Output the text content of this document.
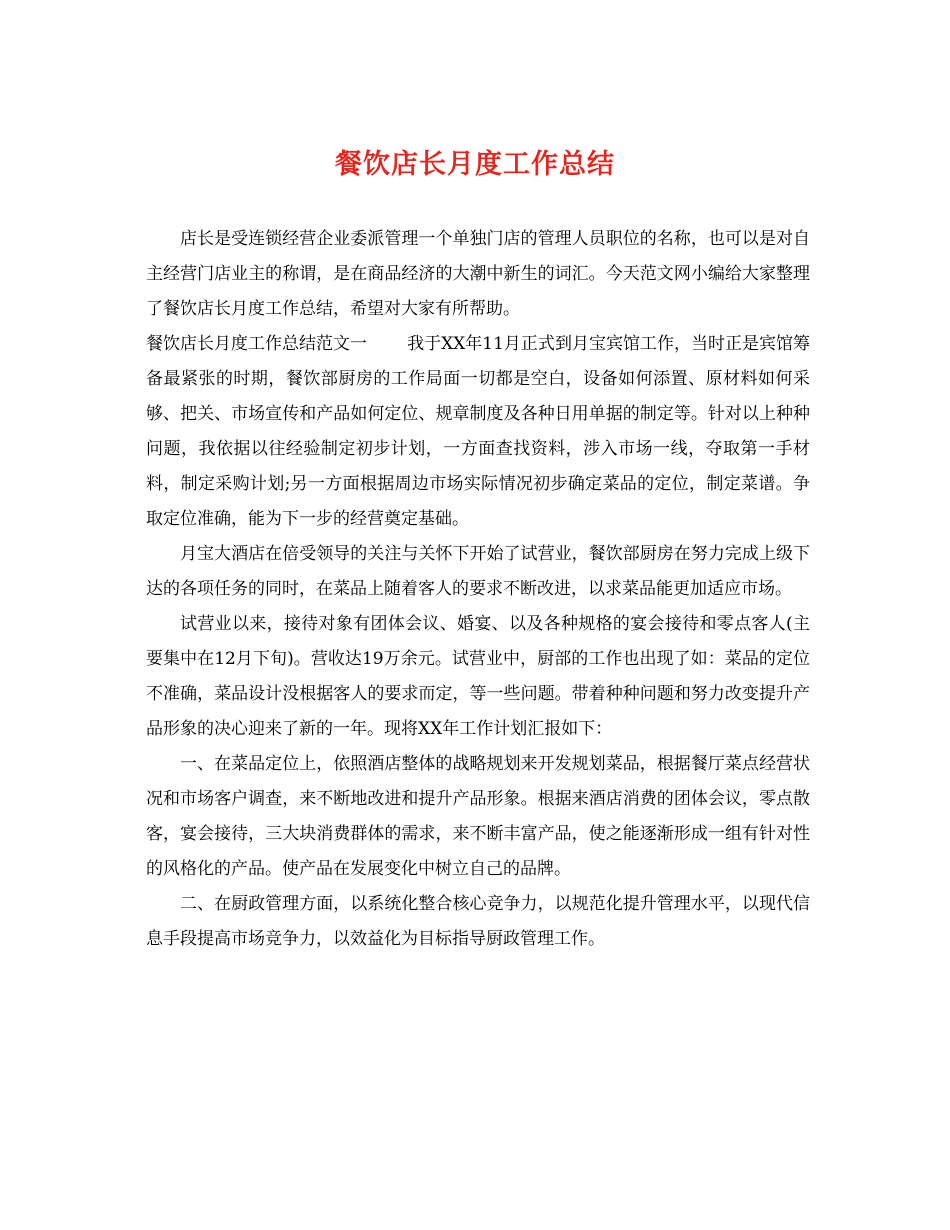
餐饮店长月度工作总结

店长是受连锁经营企业委派管理一个单独门店的管理人员职位的名称，也可以是对自主经营门店业主的称谓，是在商品经济的大潮中新生的词汇。今天范文网小编给大家整理了餐饮店长月度工作总结，希望对大家有所帮助。

餐饮店长月度工作总结范文一 我于XX年11月正式到月宝宾馆工作，当时正是宾馆筹备最紧张的时期，餐饮部厨房的工作局面一切都是空白，设备如何添置、原材料如何采够、把关、市场宣传和产品如何定位、规章制度及各种日用单据的制定等。针对以上种种问题，我依据以往经验制定初步计划，一方面查找资料，涉入市场一线，夺取第一手材料，制定采购计划;另一方面根据周边市场实际情况初步确定菜品的定位，制定菜谱。争取定位准确，能为下一步的经营奠定基础。

月宝大酒店在倍受领导的关注与关怀下开始了试营业，餐饮部厨房在努力完成上级下达的各项任务的同时，在菜品上随着客人的要求不断改进，以求菜品能更加适应市场。

试营业以来，接待对象有团体会议、婚宴、以及各种规格的宴会接待和零点客人(主要集中在12月下旬)。营收达19万余元。试营业中，厨部的工作也出现了如：菜品的定位不准确，菜品设计没根据客人的要求而定，等一些问题。带着种种问题和努力改变提升产品形象的决心迎来了新的一年。现将XX年工作计划汇报如下：

一、在菜品定位上，依照酒店整体的战略规划来开发规划菜品，根据餐厅菜点经营状况和市场客户调查，来不断地改进和提升产品形象。根据来酒店消费的团体会议，零点散客，宴会接待，三大块消费群体的需求，来不断丰富产品，使之能逐渐形成一组有针对性的风格化的产品。使产品在发展变化中树立自己的品牌。

二、在厨政管理方面，以系统化整合核心竞争力，以规范化提升管理水平，以现代信息手段提高市场竞争力，以效益化为目标指导厨政管理工作。
